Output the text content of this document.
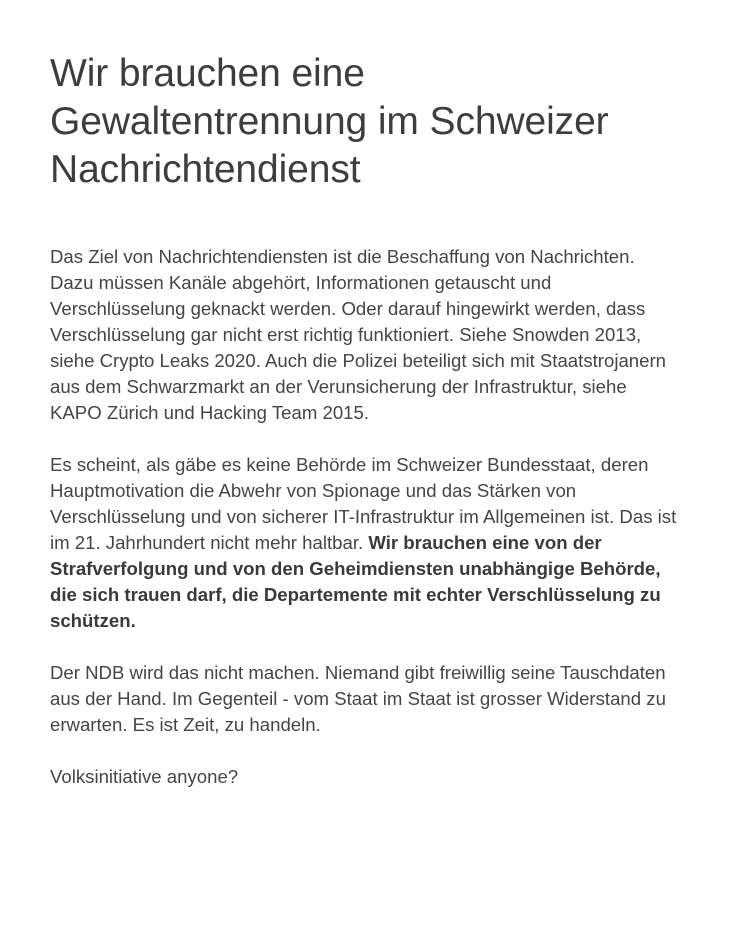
Wir brauchen eine Gewaltentrennung im Schweizer Nachrichtendienst

Das Ziel von Nachrichtendiensten ist die Beschaffung von Nachrichten. Dazu müssen Kanäle abgehört, Informationen getauscht und Verschlüsselung geknackt werden. Oder darauf hingewirkt werden, dass Verschlüsselung gar nicht erst richtig funktioniert. Siehe Snowden 2013, siehe Crypto Leaks 2020. Auch die Polizei beteiligt sich mit Staatstrojanern aus dem Schwarzmarkt an der Verunsicherung der Infrastruktur, siehe KAPO Zürich und Hacking Team 2015.

Es scheint, als gäbe es keine Behörde im Schweizer Bundesstaat, deren Hauptmotivation die Abwehr von Spionage und das Stärken von Verschlüsselung und von sicherer IT-Infrastruktur im Allgemeinen ist. Das ist im 21. Jahrhundert nicht mehr haltbar. Wir brauchen eine von der Strafverfolgung und von den Geheimdiensten unabhängige Behörde, die sich trauen darf, die Departemente mit echter Verschlüsselung zu schützen.

Der NDB wird das nicht machen. Niemand gibt freiwillig seine Tauschdaten aus der Hand. Im Gegenteil - vom Staat im Staat ist grosser Widerstand zu erwarten. Es ist Zeit, zu handeln.

Volksinitiative anyone?
